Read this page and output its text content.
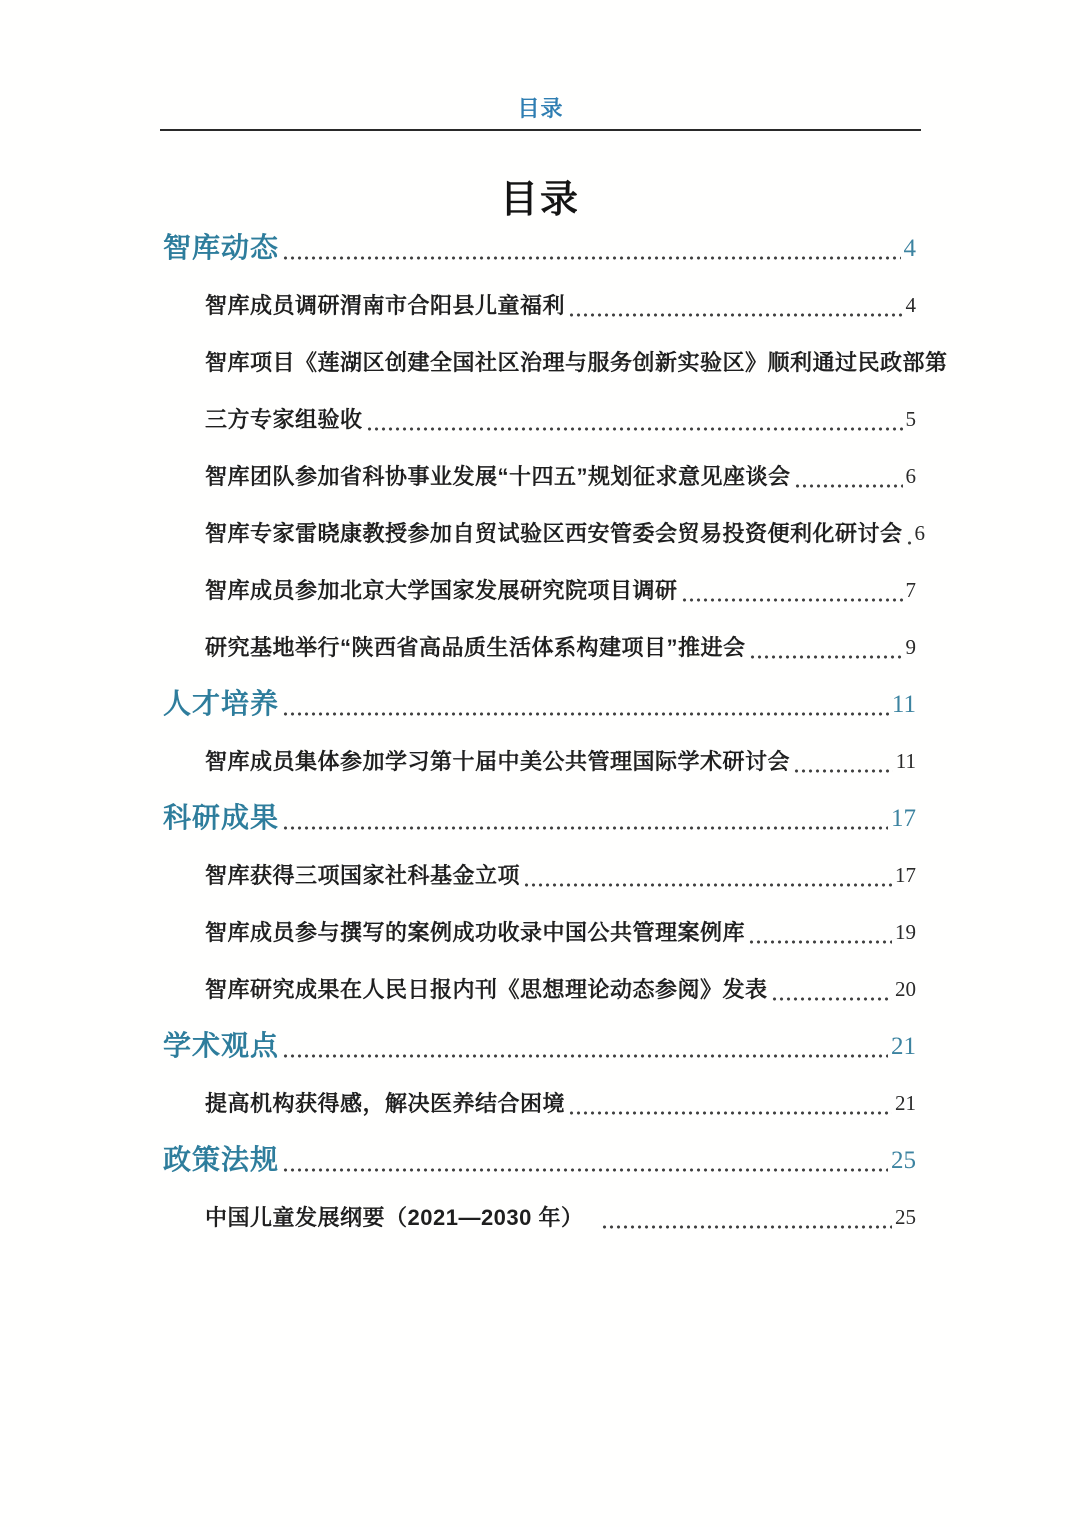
目录
目录
智库动态	4
智库成员调研渭南市合阳县儿童福利	4
智库项目《莲湖区创建全国社区治理与服务创新实验区》顺利通过民政部第
三方专家组验收	5
智库团队参加省科协事业发展“十四五”规划征求意见座谈会	6
智库专家雷晓康教授参加自贸试验区西安管委会贸易投资便利化研讨会 6
智库成员参加北京大学国家发展研究院项目调研	7
研究基地举行“陕西省高品质生活体系构建项目”推进会	9
人才培养	11
智库成员集体参加学习第十届中美公共管理国际学术研讨会	11
科研成果	17
智库获得三项国家社科基金立项	17
智库成员参与撰写的案例成功收录中国公共管理案例库	19
智库研究成果在人民日报内刊《思想理论动态参阅》发表	20
学术观点	21
提高机构获得感，解决医养结合困境	21
政策法规	25
中国儿童发展纲要（2021—2030 年）	25
